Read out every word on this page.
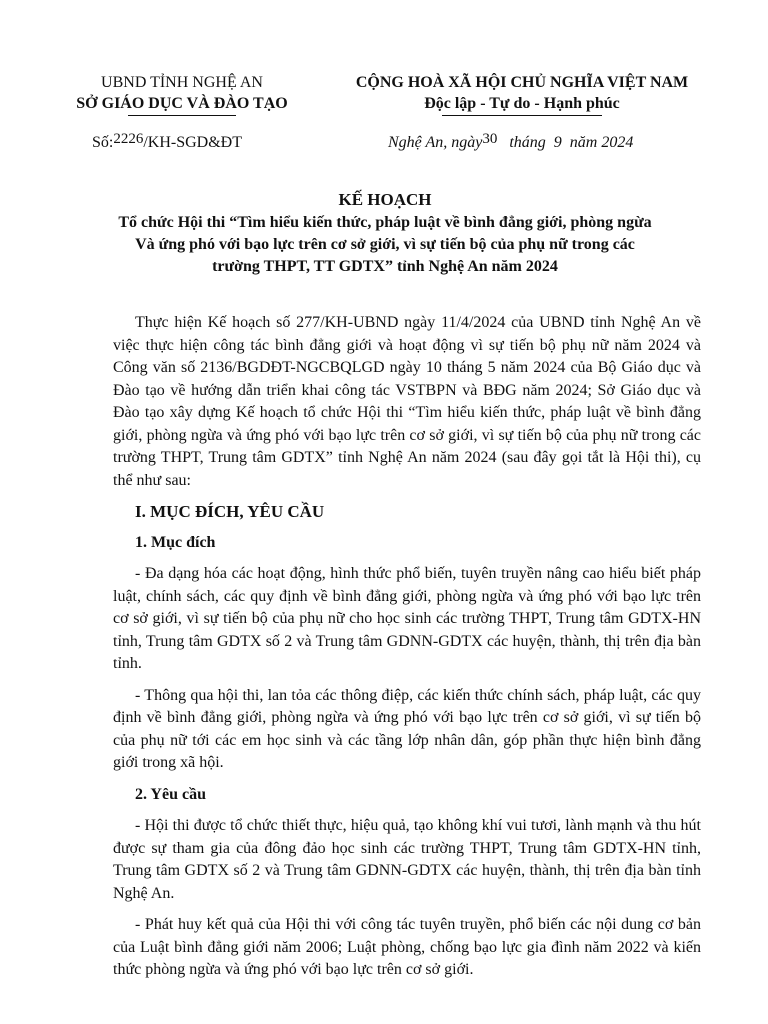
UBND TỈNH NGHỆ AN
SỞ GIÁO DỤC VÀ ĐÀO TẠO
CỘNG HOÀ XÃ HỘI CHỦ NGHĨA VIỆT NAM
Độc lập - Tự do - Hạnh phúc
Số:2226/KH-SGD&ĐT	Nghệ An, ngày30 tháng  9  năm 2024
KẾ HOẠCH
Tổ chức Hội thi “Tìm hiểu kiến thức, pháp luật về bình đẳng giới, phòng ngừa
Và ứng phó với bạo lực trên cơ sở giới, vì sự tiến bộ của phụ nữ trong các
trường THPT, TT GDTX” tỉnh Nghệ An năm 2024

Thực hiện Kế hoạch số 277/KH-UBND ngày 11/4/2024 của UBND tỉnh Nghệ An về việc thực hiện công tác bình đẳng giới và hoạt động vì sự tiến bộ phụ nữ năm 2024 và Công văn số 2136/BGDĐT-NGCBQLGD ngày 10 tháng 5 năm 2024 của Bộ Giáo dục và Đào tạo về hướng dẫn triển khai công tác VSTBPN và BĐG năm 2024; Sở Giáo dục và Đào tạo xây dựng Kế hoạch tổ chức Hội thi “Tìm hiểu kiến thức, pháp luật về bình đẳng giới, phòng ngừa và ứng phó với bạo lực trên cơ sở giới, vì sự tiến bộ của phụ nữ trong các trường THPT, Trung tâm GDTX” tỉnh Nghệ An năm 2024 (sau đây gọi tắt là Hội thi), cụ thể như sau:

I. MỤC ĐÍCH, YÊU CẦU

1. Mục đích

- Đa dạng hóa các hoạt động, hình thức phổ biến, tuyên truyền nâng cao hiểu biết pháp luật, chính sách, các quy định về bình đẳng giới, phòng ngừa và ứng phó với bạo lực trên cơ sở giới, vì sự tiến bộ của phụ nữ cho học sinh các trường THPT, Trung tâm GDTX-HN tỉnh, Trung tâm GDTX số 2 và Trung tâm GDNN-GDTX các huyện, thành, thị trên địa bàn tỉnh.

- Thông qua hội thi, lan tỏa các thông điệp, các kiến thức chính sách, pháp luật, các quy định về bình đẳng giới, phòng ngừa và ứng phó với bạo lực trên cơ sở giới, vì sự tiến bộ của phụ nữ tới các em học sinh và các tầng lớp nhân dân, góp phần thực hiện bình đẳng giới trong xã hội.

2. Yêu cầu

- Hội thi được tổ chức thiết thực, hiệu quả, tạo không khí vui tươi, lành mạnh và thu hút được sự tham gia của đông đảo học sinh các trường THPT, Trung tâm GDTX-HN tỉnh, Trung tâm GDTX số 2 và Trung tâm GDNN-GDTX các huyện, thành, thị trên địa bàn tỉnh Nghệ An.

- Phát huy kết quả của Hội thi với công tác tuyên truyền, phổ biến các nội dung cơ bản của Luật bình đẳng giới năm 2006; Luật phòng, chống bạo lực gia đình năm 2022 và kiến thức phòng ngừa và ứng phó với bạo lực trên cơ sở giới.
